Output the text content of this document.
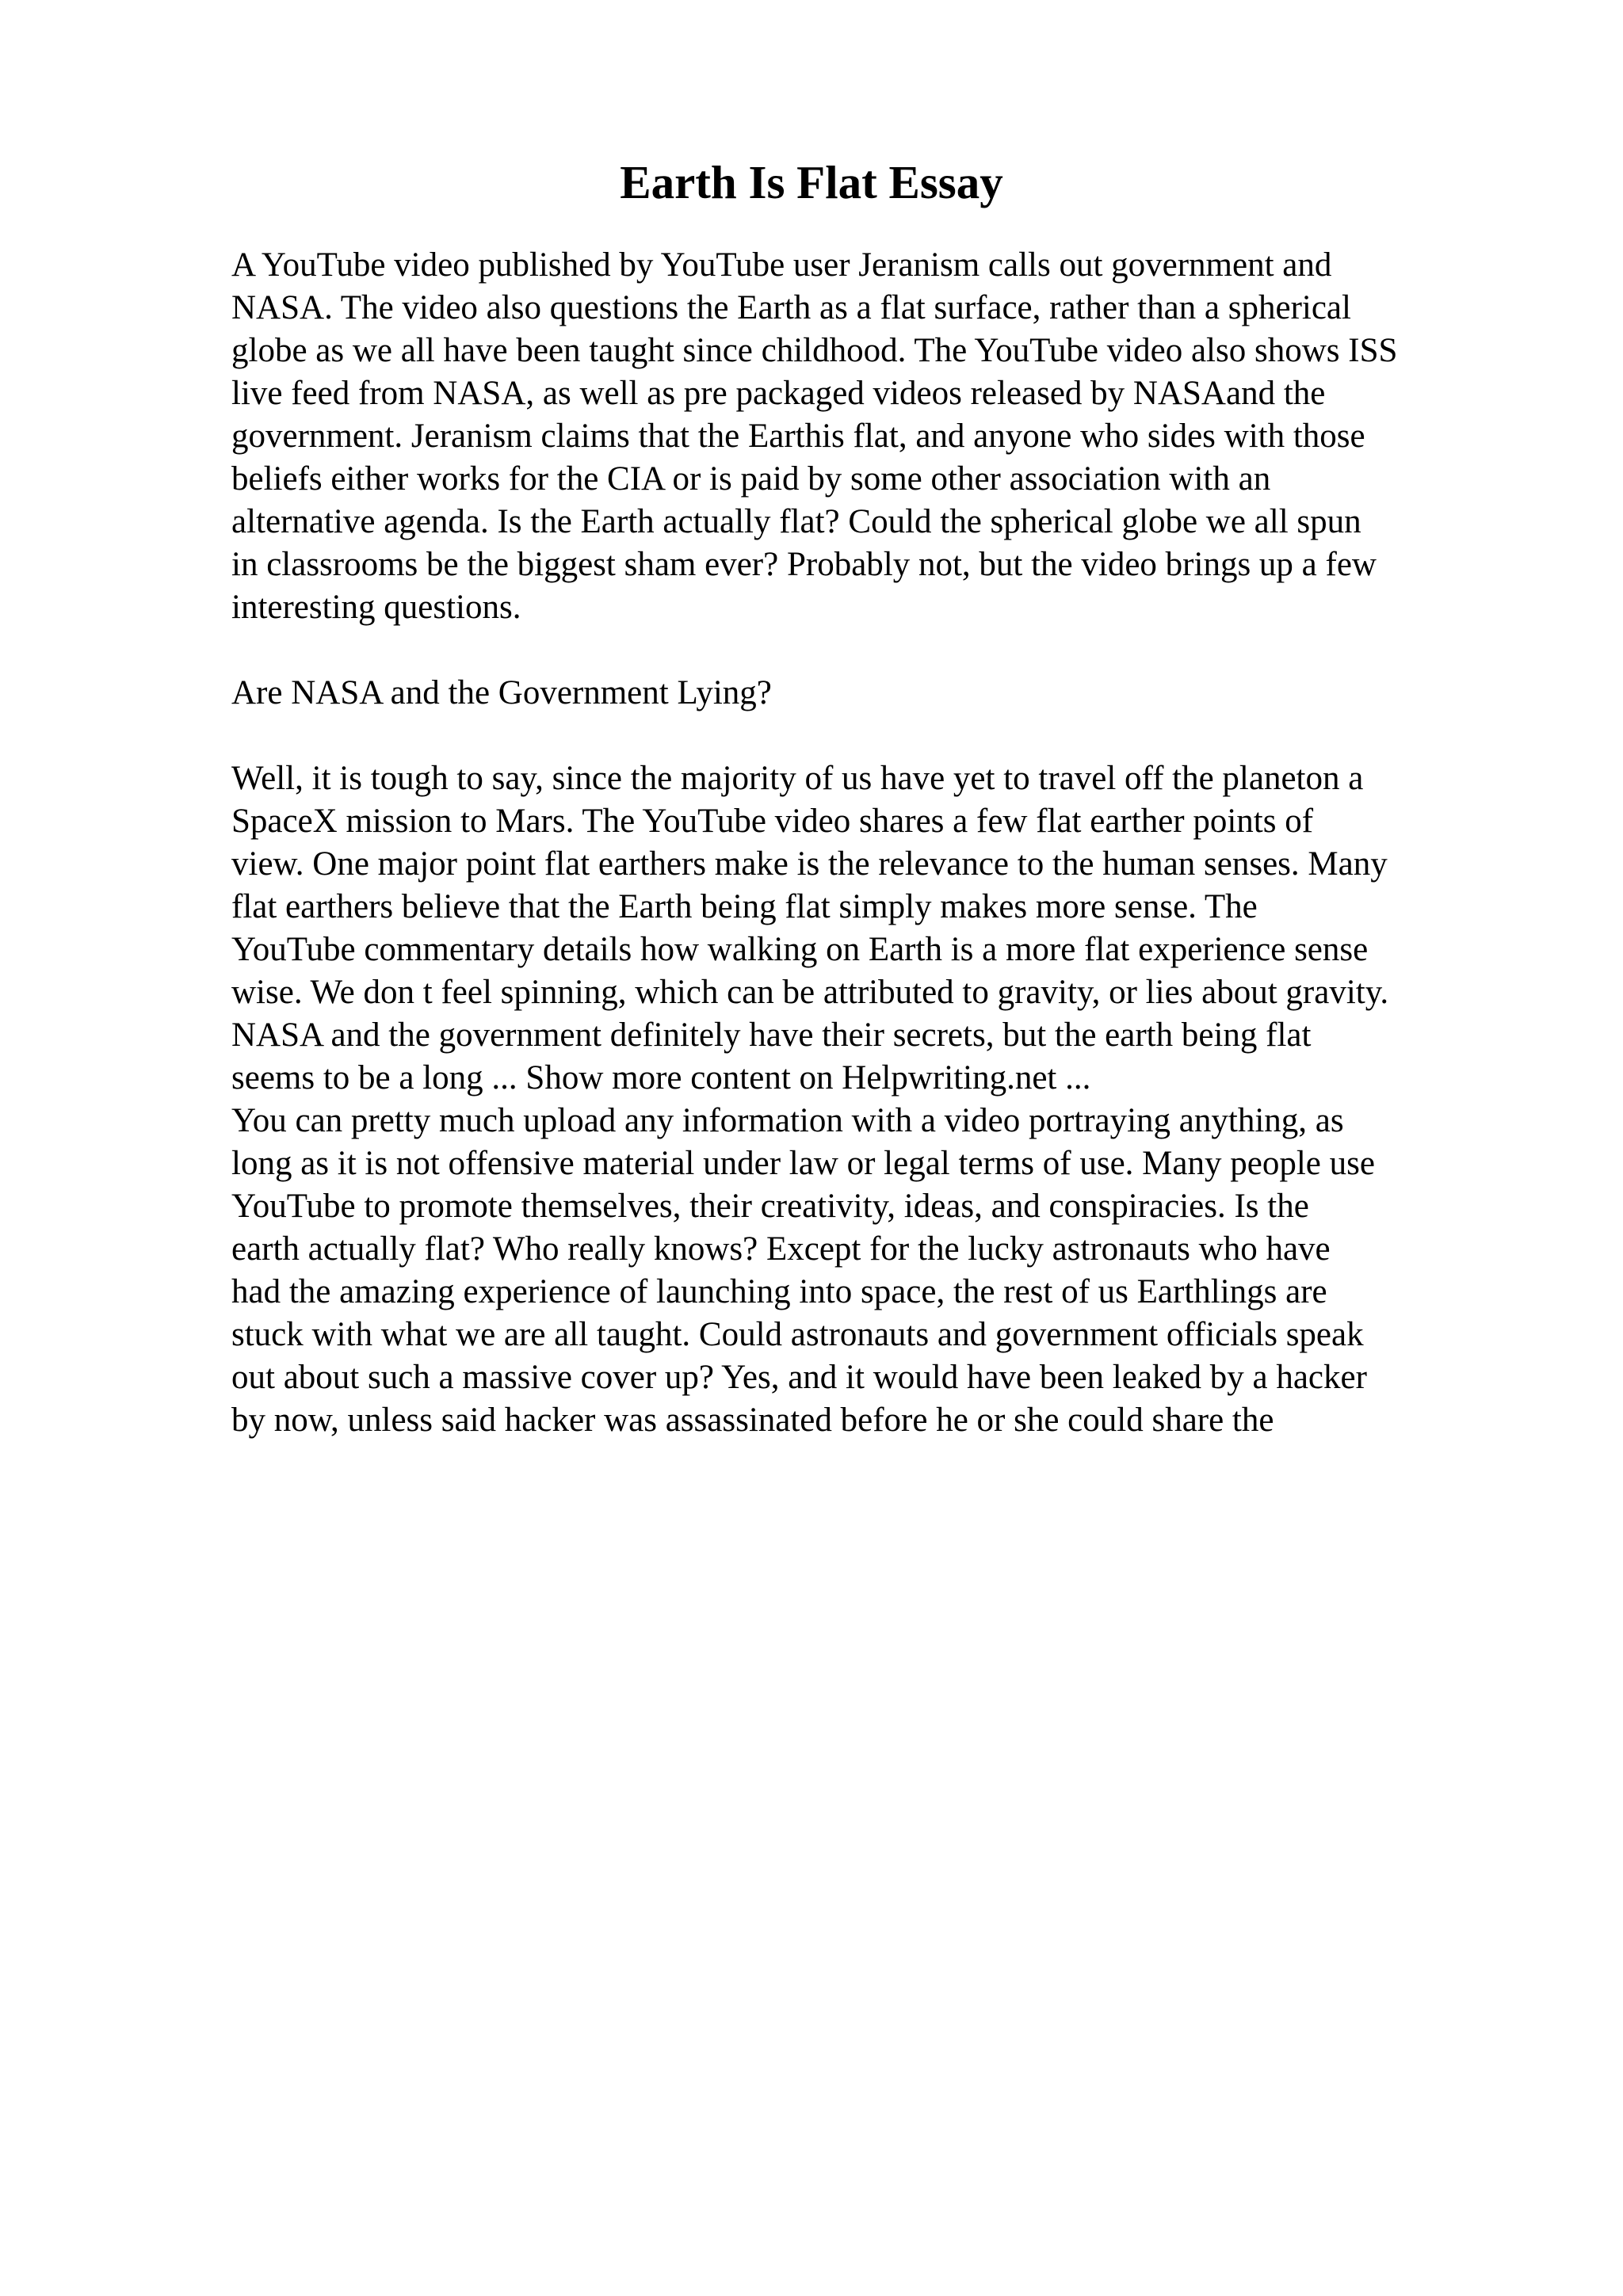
Earth Is Flat Essay
A YouTube video published by YouTube user Jeranism calls out government and
NASA. The video also questions the Earth as a flat surface, rather than a spherical
globe as we all have been taught since childhood. The YouTube video also shows ISS
live feed from NASA, as well as pre packaged videos released by NASAand the
government. Jeranism claims that the Earthis flat, and anyone who sides with those
beliefs either works for the CIA or is paid by some other association with an
alternative agenda. Is the Earth actually flat? Could the spherical globe we all spun
in classrooms be the biggest sham ever? Probably not, but the video brings up a few
interesting questions.
Are NASA and the Government Lying?
Well, it is tough to say, since the majority of us have yet to travel off the planeton a
SpaceX mission to Mars. The YouTube video shares a few flat earther points of
view. One major point flat earthers make is the relevance to the human senses. Many
flat earthers believe that the Earth being flat simply makes more sense. The
YouTube commentary details how walking on Earth is a more flat experience sense
wise. We don t feel spinning, which can be attributed to gravity, or lies about gravity.
NASA and the government definitely have their secrets, but the earth being flat
seems to be a long ... Show more content on Helpwriting.net ...
You can pretty much upload any information with a video portraying anything, as
long as it is not offensive material under law or legal terms of use. Many people use
YouTube to promote themselves, their creativity, ideas, and conspiracies. Is the
earth actually flat? Who really knows? Except for the lucky astronauts who have
had the amazing experience of launching into space, the rest of us Earthlings are
stuck with what we are all taught. Could astronauts and government officials speak
out about such a massive cover up? Yes, and it would have been leaked by a hacker
by now, unless said hacker was assassinated before he or she could share the
